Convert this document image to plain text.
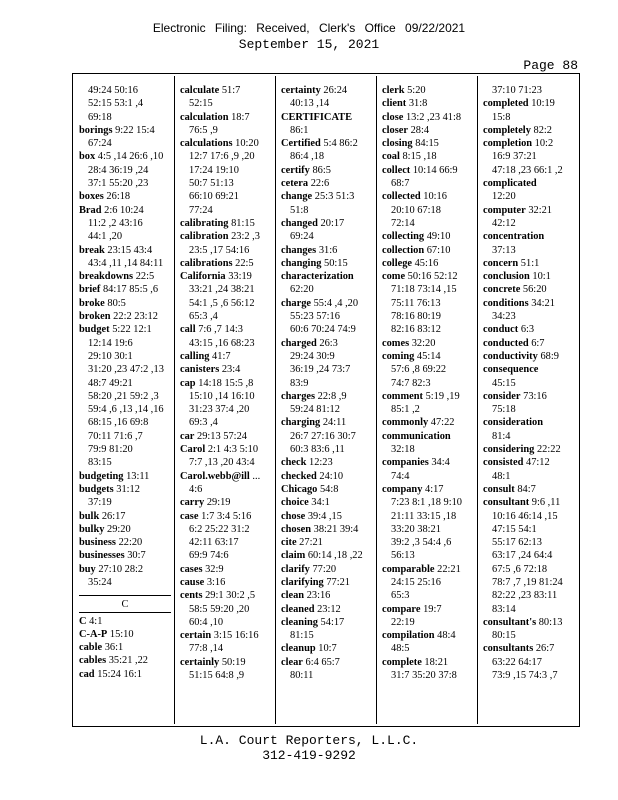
Electronic Filing: Received, Clerk's Office 09/22/2021
September 15, 2021
Page 88
49:24 50:16
52:15 53:1 ,4
69:18
borings 9:22 15:4
67:24
box 4:5 ,14 26:6 ,10
28:4 36:19 ,24
37:1 55:20 ,23
boxes 26:18
Brad 2:6 10:24
11:2 ,2 43:16
44:1 ,20
break 23:15 43:4
43:4 ,11 ,14 84:11
breakdowns 22:5
brief 84:17 85:5 ,6
broke 80:5
broken 22:2 23:12
budget 5:22 12:1
12:14 19:6
29:10 30:1
31:20 ,23 47:2 ,13
48:7 49:21
58:20 ,21 59:2 ,3
59:4 ,6 ,13 ,14 ,16
68:15 ,16 69:8
70:11 71:6 ,7
79:9 81:20
83:15
budgeting 13:11
budgets 31:12
37:19
bulk 26:17
bulky 29:20
business 22:20
businesses 30:7
buy 27:10 28:2
35:24
C
C 4:1
C-A-P 15:10
cable 36:1
cables 35:21 ,22
cad 15:24 16:1
calculate 51:7
52:15
calculation 18:7
76:5 ,9
calculations 10:20
12:7 17:6 ,9 ,20
17:24 19:10
50:7 51:13
66:10 69:21
77:24
calibrating 81:15
calibration 23:2 ,3
23:5 ,17 54:16
calibrations 22:5
California 33:19
33:21 ,24 38:21
54:1 ,5 ,6 56:12
65:3 ,4
call 7:6 ,7 14:3
43:15 ,16 68:23
calling 41:7
canisters 23:4
cap 14:18 15:5 ,8
15:10 ,14 16:10
31:23 37:4 ,20
69:3 ,4
car 29:13 57:24
Carol 2:1 4:3 5:10
7:7 ,13 ,20 43:4
Carol.webb@ill ...
4:6
carry 29:19
case 1:7 3:4 5:16
6:2 25:22 31:2
42:11 63:17
69:9 74:6
cases 32:9
cause 3:16
cents 29:1 30:2 ,5
58:5 59:20 ,20
60:4 ,10
certain 3:15 16:16
77:8 ,14
certainly 50:19
51:15 64:8 ,9
certainty 26:24
40:13 ,14
CERTIFICATE
86:1
Certified 5:4 86:2
86:4 ,18
certify 86:5
cetera 22:6
change 25:3 51:3
51:8
changed 20:17
69:24
changes 31:6
changing 50:15
characterization
62:20
charge 55:4 ,4 ,20
55:23 57:16
60:6 70:24 74:9
charged 26:3
29:24 30:9
36:19 ,24 73:7
83:9
charges 22:8 ,9
59:24 81:12
charging 24:11
26:7 27:16 30:7
60:3 83:6 ,11
check 12:23
checked 24:10
Chicago 54:8
choice 34:1
chose 39:4 ,15
chosen 38:21 39:4
cite 27:21
claim 60:14 ,18 ,22
clarify 77:20
clarifying 77:21
clean 23:16
cleaned 23:12
cleaning 54:17
81:15
cleanup 10:7
clear 6:4 65:7
80:11
clerk 5:20
client 31:8
close 13:2 ,23 41:8
closer 28:4
closing 84:15
coal 8:15 ,18
collect 10:14 66:9
68:7
collected 10:16
20:10 67:18
72:14
collecting 49:10
collection 67:10
college 45:16
come 50:16 52:12
71:18 73:14 ,15
75:11 76:13
78:16 80:19
82:16 83:12
comes 32:20
coming 45:14
57:6 ,8 69:22
74:7 82:3
comment 5:19 ,19
85:1 ,2
commonly 47:22
communication
32:18
companies 34:4
74:4
company 4:17
7:23 8:1 ,18 9:10
21:11 33:15 ,18
33:20 38:21
39:2 ,3 54:4 ,6
56:13
comparable 22:21
24:15 25:16
65:3
compare 19:7
22:19
compilation 48:4
48:5
complete 18:21
31:7 35:20 37:8
37:10 71:23
completed 10:19
15:8
completely 82:2
completion 10:2
16:9 37:21
47:18 ,23 66:1 ,2
complicated
12:20
computer 32:21
42:12
concentration
37:13
concern 51:1
conclusion 10:1
concrete 56:20
conditions 34:21
34:23
conduct 6:3
conducted 6:7
conductivity 68:9
consequence
45:15
consider 73:16
75:18
consideration
81:4
considering 22:22
consisted 47:12
48:1
consult 84:7
consultant 9:6 ,11
10:16 46:14 ,15
47:15 54:1
55:17 62:13
63:17 ,24 64:4
67:5 ,6 72:18
78:7 ,7 ,19 81:24
82:22 ,23 83:11
83:14
consultant's 80:13
80:15
consultants 26:7
63:22 64:17
73:9 ,15 74:3 ,7
L.A. Court Reporters, L.L.C.
312-419-9292
